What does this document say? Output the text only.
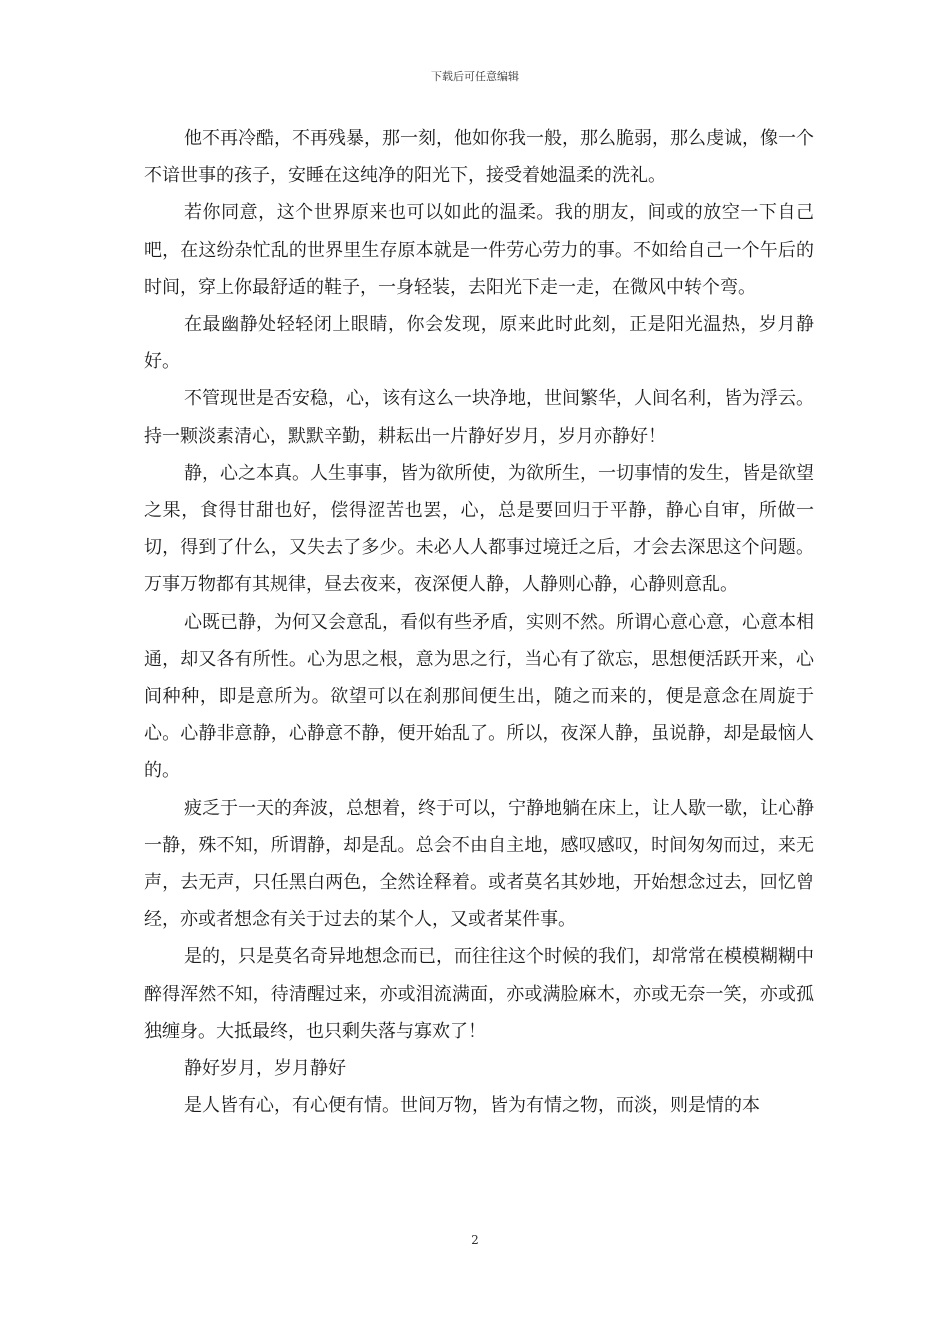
下载后可任意编辑

他不再冷酷，不再残暴，那一刻，他如你我一般，那么脆弱，那么虔诚，像一个不谙世事的孩子，安睡在这纯净的阳光下，接受着她温柔的洗礼。

若你同意，这个世界原来也可以如此的温柔。我的朋友，间或的放空一下自己吧，在这纷杂忙乱的世界里生存原本就是一件劳心劳力的事。不如给自己一个午后的时间，穿上你最舒适的鞋子，一身轻装，去阳光下走一走，在微风中转个弯。

在最幽静处轻轻闭上眼睛，你会发现，原来此时此刻，正是阳光温热，岁月静好。

不管现世是否安稳，心，该有这么一块净地，世间繁华，人间名利，皆为浮云。持一颗淡素清心，默默辛勤，耕耘出一片静好岁月，岁月亦静好！

静，心之本真。人生事事，皆为欲所使，为欲所生，一切事情的发生，皆是欲望之果，食得甘甜也好，偿得涩苦也罢，心，总是要回归于平静，静心自审，所做一切，得到了什么，又失去了多少。未必人人都事过境迁之后，才会去深思这个问题。万事万物都有其规律，昼去夜来，夜深便人静，人静则心静，心静则意乱。

心既已静，为何又会意乱，看似有些矛盾，实则不然。所谓心意心意，心意本相通，却又各有所性。心为思之根，意为思之行，当心有了欲忘，思想便活跃开来，心间种种，即是意所为。欲望可以在刹那间便生出，随之而来的，便是意念在周旋于心。心静非意静，心静意不静，便开始乱了。所以，夜深人静，虽说静，却是最恼人的。

疲乏于一天的奔波，总想着，终于可以，宁静地躺在床上，让人歇一歇，让心静一静，殊不知，所谓静，却是乱。总会不由自主地，感叹感叹，时间匆匆而过，来无声，去无声，只任黑白两色，全然诠释着。或者莫名其妙地，开始想念过去，回忆曾经，亦或者想念有关于过去的某个人，又或者某件事。

是的，只是莫名奇异地想念而已，而往往这个时候的我们，却常常在模模糊糊中醉得浑然不知，待清醒过来，亦或泪流满面，亦或满脸麻木，亦或无奈一笑，亦或孤独缠身。大抵最终，也只剩失落与寡欢了！

静好岁月，岁月静好

是人皆有心，有心便有情。世间万物，皆为有情之物，而淡，则是情的本

2
